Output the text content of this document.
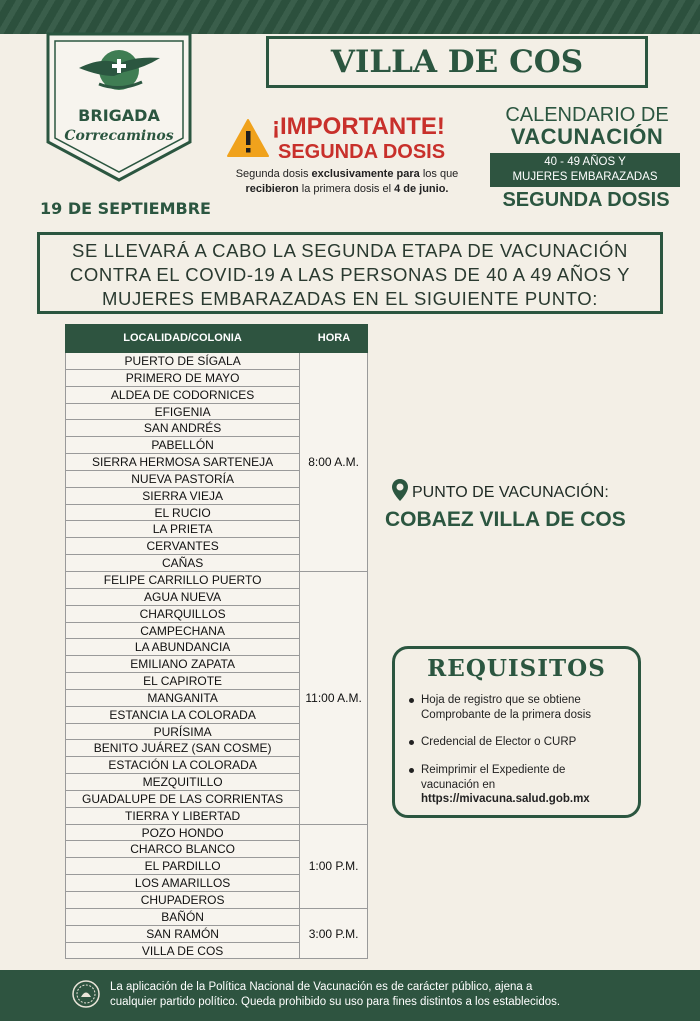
BRIGADA
Correcaminos
19 DE SEPTIEMBRE
VILLA DE COS
¡IMPORTANTE!
SEGUNDA DOSIS
Segunda dosis exclusivamente para los que
recibieron la primera dosis el 4 de junio.
CALENDARIO DE
VACUNACIÓN
40 - 49 AÑOS Y
MUJERES EMBARAZADAS
SEGUNDA DOSIS
SE LLEVARÁ A CABO LA SEGUNDA ETAPA DE VACUNACIÓN
CONTRA EL COVID-19 A LAS PERSONAS DE 40 A 49 AÑOS Y
MUJERES EMBARAZADAS EN EL SIGUIENTE PUNTO:
LOCALIDAD/COLONIA	HORA
PUERTO DE SÍGALA
PRIMERO DE MAYO
ALDEA DE CODORNICES
EFIGENIA
SAN ANDRÉS
PABELLÓN
SIERRA HERMOSA SARTENEJA
NUEVA PASTORÍA
SIERRA VIEJA
EL RUCIO
LA PRIETA
CERVANTES
CAÑAS
8:00 A.M.
FELIPE CARRILLO PUERTO
AGUA NUEVA
CHARQUILLOS
CAMPECHANA
LA ABUNDANCIA
EMILIANO ZAPATA
EL CAPIROTE
MANGANITA
ESTANCIA LA COLORADA
PURÍSIMA
BENITO JUÁREZ (SAN COSME)
ESTACIÓN LA COLORADA
MEZQUITILLO
GUADALUPE DE LAS CORRIENTAS
TIERRA Y LIBERTAD
11:00 A.M.
POZO HONDO
CHARCO BLANCO
EL PARDILLO
LOS AMARILLOS
CHUPADEROS
1:00 P.M.
BAÑÓN
SAN RAMÓN
VILLA DE COS
3:00 P.M.
PUNTO DE VACUNACIÓN:
COBAEZ VILLA DE COS
REQUISITOS
Hoja de registro que se obtiene
Comprobante de la primera dosis
Credencial de Elector o CURP
Reimprimir el Expediente de
vacunación en
https://mivacuna.salud.gob.mx
La aplicación de la Política Nacional de Vacunación es de carácter público, ajena a
cualquier partido político. Queda prohibido su uso para fines distintos a los establecidos.
